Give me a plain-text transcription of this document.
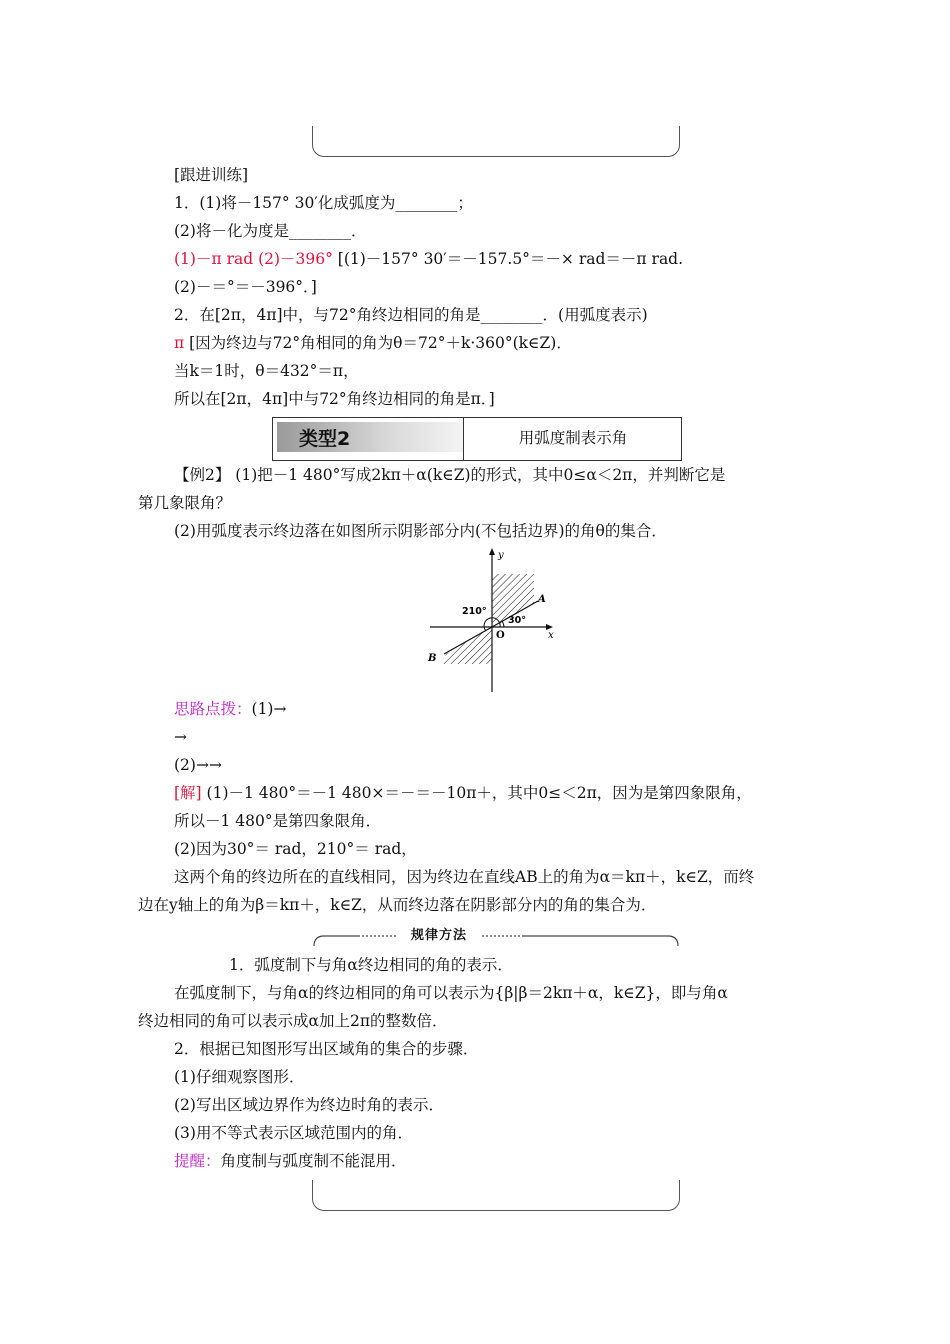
[跟进训练]
1．(1)将－157° 30′化成弧度为________；
(2)将－化为度是________．
(1)－π rad (2)－396° [(1)－157° 30′＝－157.5°＝－× rad＝－π rad.
(2)－＝°＝－396°．]
2．在[2π，4π]中，与72°角终边相同的角是________．(用弧度表示)
π [因为终边与72°角相同的角为θ＝72°＋k·360°(k∈Z)．
当k＝1时，θ＝432°＝π，
所以在[2π，4π]中与72°角终边相同的角是π．]
类型2	用弧度制表示角
【例2】 (1)把－1 480°写成2kπ＋α(k∈Z)的形式，其中0≤α＜2π，并判断它是
第几象限角？
(2)用弧度表示终边落在如图所示阴影部分内(不包括边界)的角θ的集合．
y
x
O
A
B
210°
30°
思路点拨：(1)→
→
(2)→→
[解] (1)－1 480°＝－1 480×＝－＝－10π＋，其中0≤＜2π，因为是第四象限角，
所以－1 480°是第四象限角．
(2)因为30°＝ rad，210°＝ rad，
这两个角的终边所在的直线相同，因为终边在直线AB上的角为α＝kπ＋，k∈Z，而终
边在y轴上的角为β＝kπ＋，k∈Z，从而终边落在阴影部分内的角的集合为．
规律方法
1．弧度制下与角α终边相同的角的表示．
在弧度制下，与角α的终边相同的角可以表示为{β|β＝2kπ＋α，k∈Z}，即与角α
终边相同的角可以表示成α加上2π的整数倍．
2．根据已知图形写出区域角的集合的步骤．
(1)仔细观察图形．
(2)写出区域边界作为终边时角的表示．
(3)用不等式表示区域范围内的角．
提醒：角度制与弧度制不能混用．
